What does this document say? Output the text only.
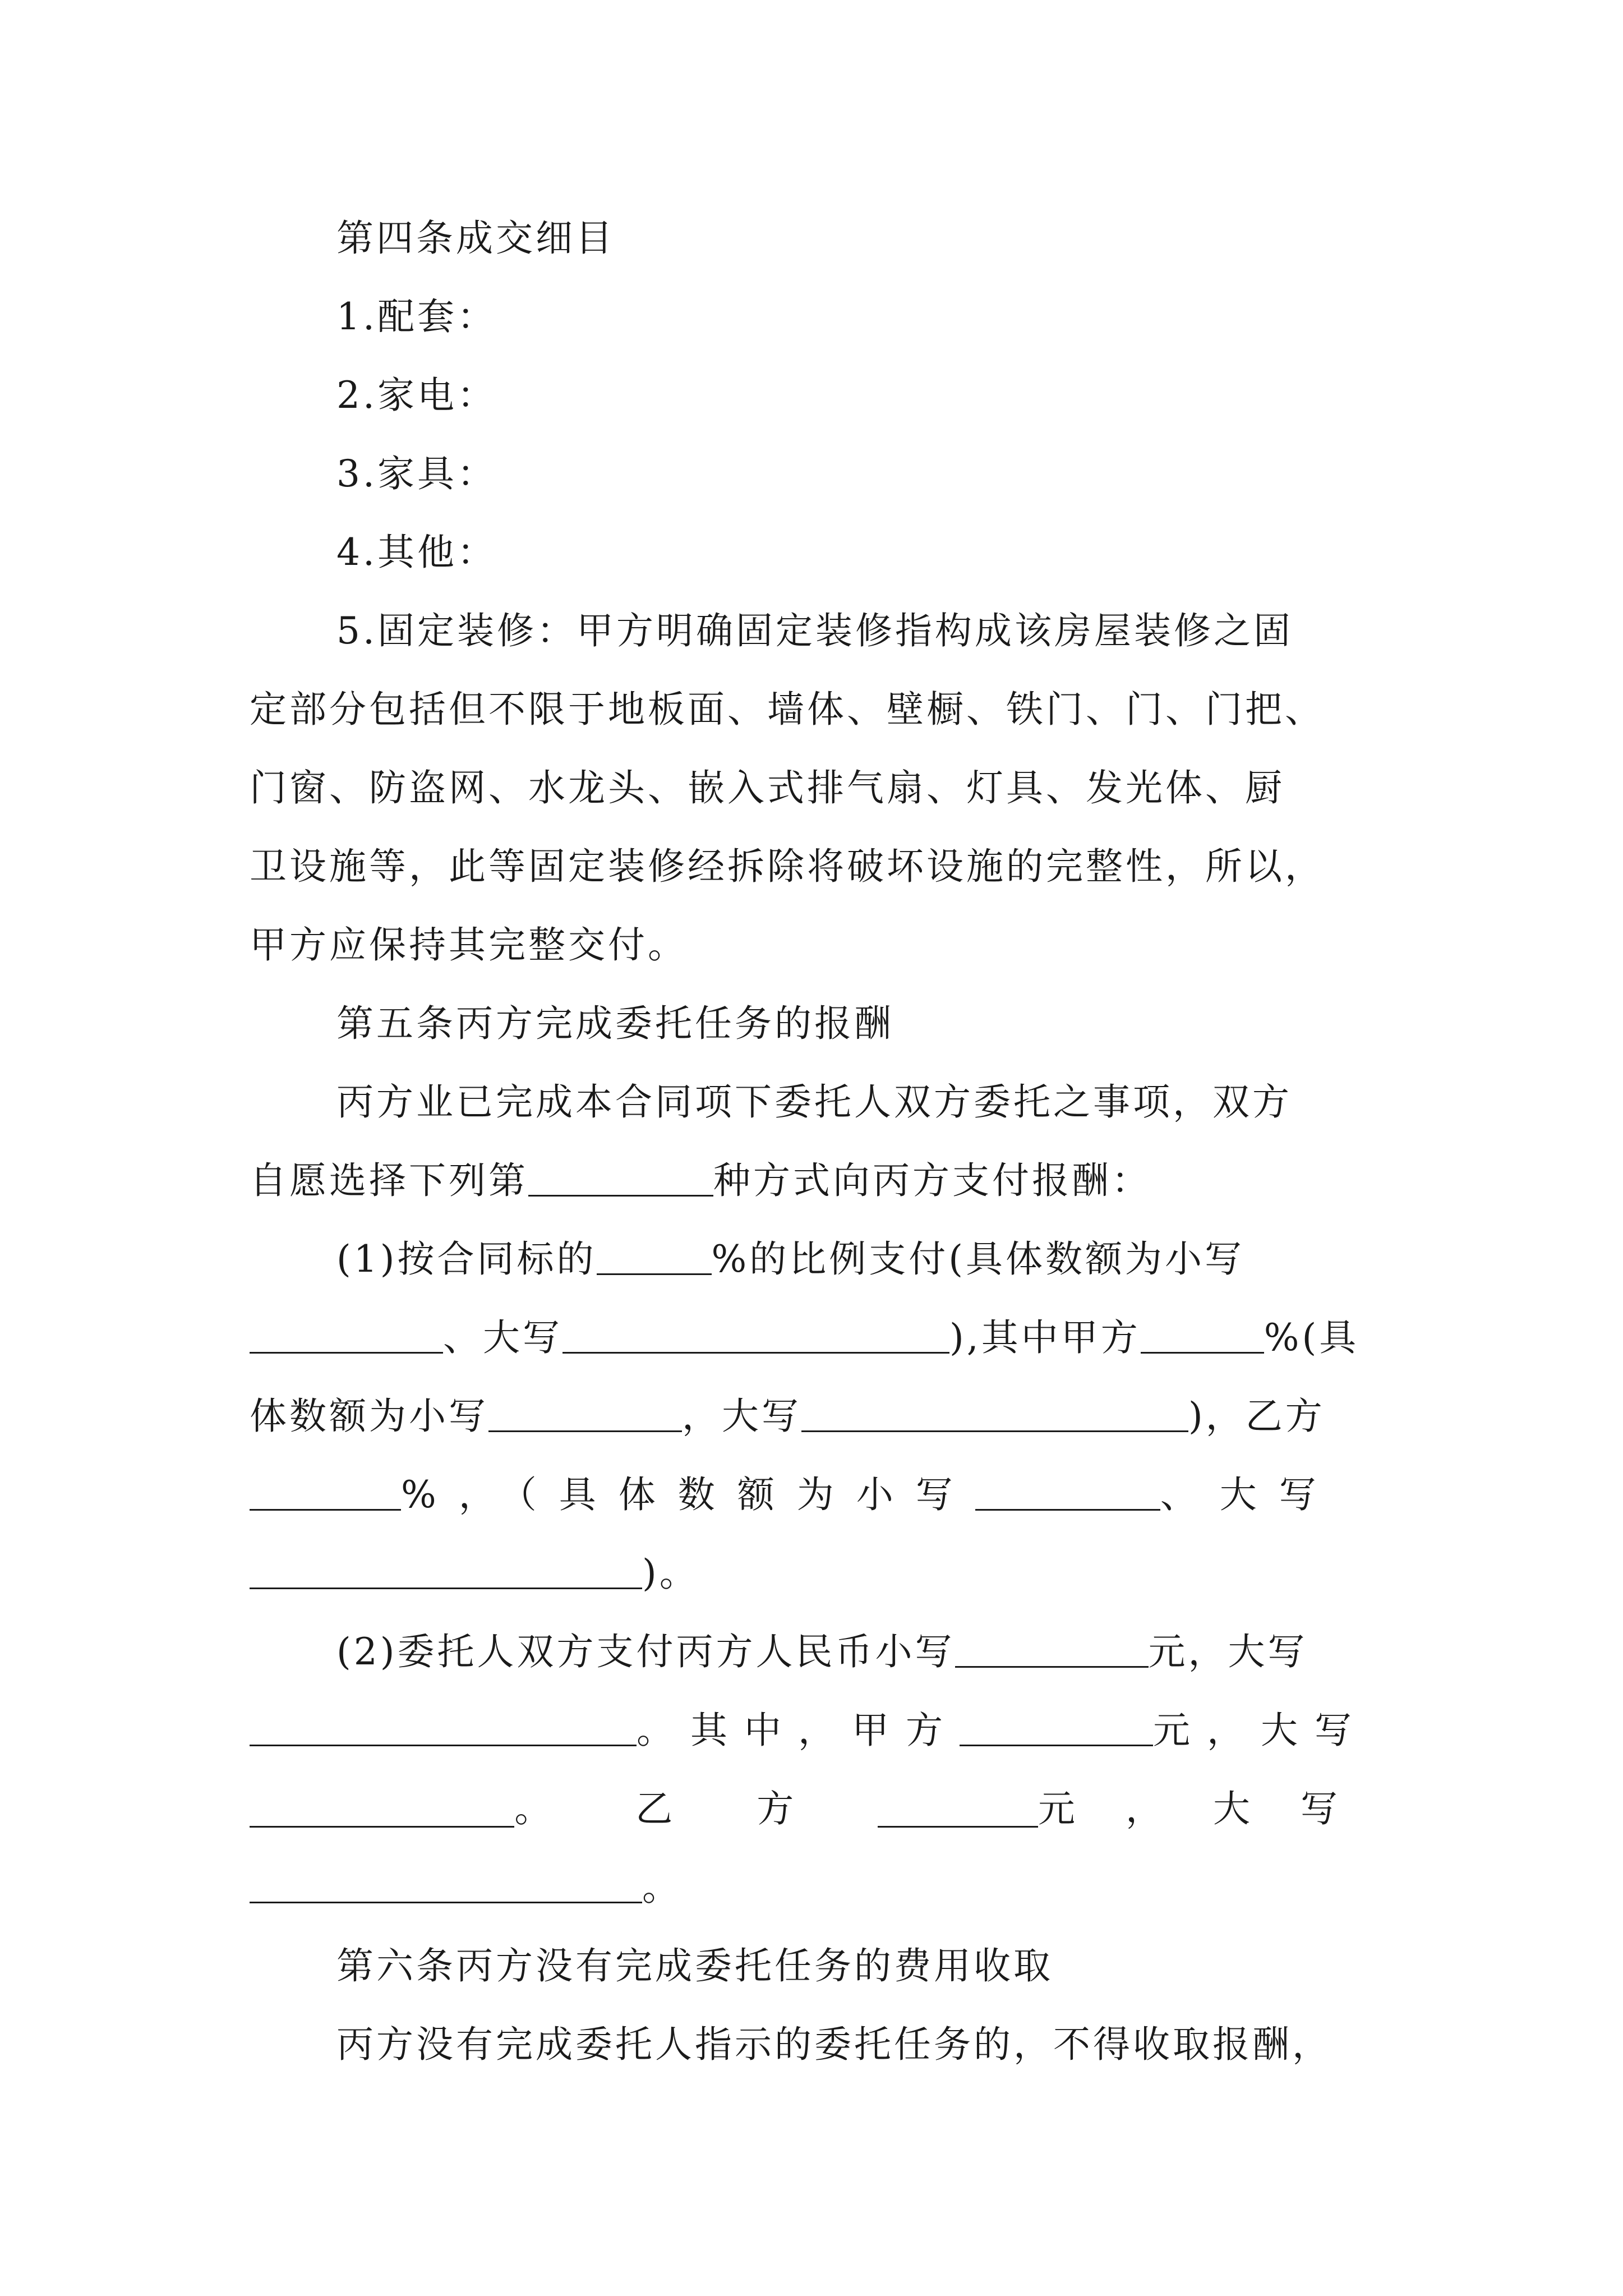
第四条成交细目
1.配套：
2.家电：
3.家具：
4.其他：
5.固定装修：甲方明确固定装修指构成该房屋装修之固
定部分包括但不限于地板面、墙体、壁橱、铁门、门、门把、
门窗、防盗网、水龙头、嵌入式排气扇、灯具、发光体、厨
卫设施等，此等固定装修经拆除将破坏设施的完整性，所以，
甲方应保持其完整交付。
第五条丙方完成委托任务的报酬
丙方业已完成本合同项下委托人双方委托之事项，双方
自愿选择下列第	种方式向丙方支付报酬：
(1)按合同标的	%的比例支付(具体数额为小写
、大写	),其中甲方	%(具
体数额为小写	，大写	)，乙方
%，（具体数额为小写	、大写
)。
(2)委托人双方支付丙方人民币小写	元，大写
。其中，甲方	元，大写
。乙方	元，大写
。
第六条丙方没有完成委托任务的费用收取
丙方没有完成委托人指示的委托任务的，不得收取报酬，
